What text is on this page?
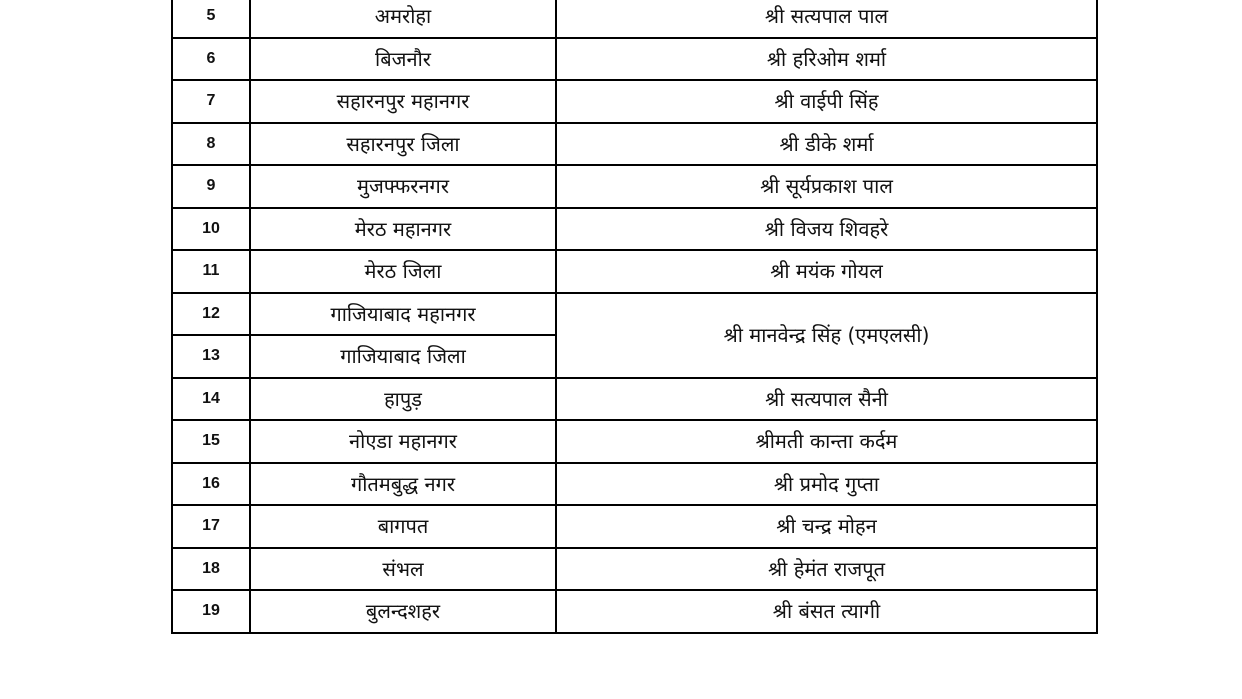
5	अमरोहा	श्री सत्यपाल पाल
6	बिजनौर	श्री हरिओम शर्मा
7	सहारनपुर महानगर	श्री वाईपी सिंह
8	सहारनपुर जिला	श्री डीके शर्मा
9	मुजफ्फरनगर	श्री सूर्यप्रकाश पाल
10	मेरठ महानगर	श्री विजय शिवहरे
11	मेरठ जिला	श्री मयंक गोयल
12	गाजियाबाद महानगर	श्री मानवेन्द्र सिंह (एमएलसी)
13	गाजियाबाद जिला	
14	हापुड़	श्री सत्यपाल सैनी
15	नोएडा महानगर	श्रीमती कान्ता कर्दम
16	गौतमबुद्ध नगर	श्री प्रमोद गुप्ता
17	बागपत	श्री चन्द्र मोहन
18	संभल	श्री हेमंत राजपूत
19	बुलन्दशहर	श्री बंसत त्यागी
